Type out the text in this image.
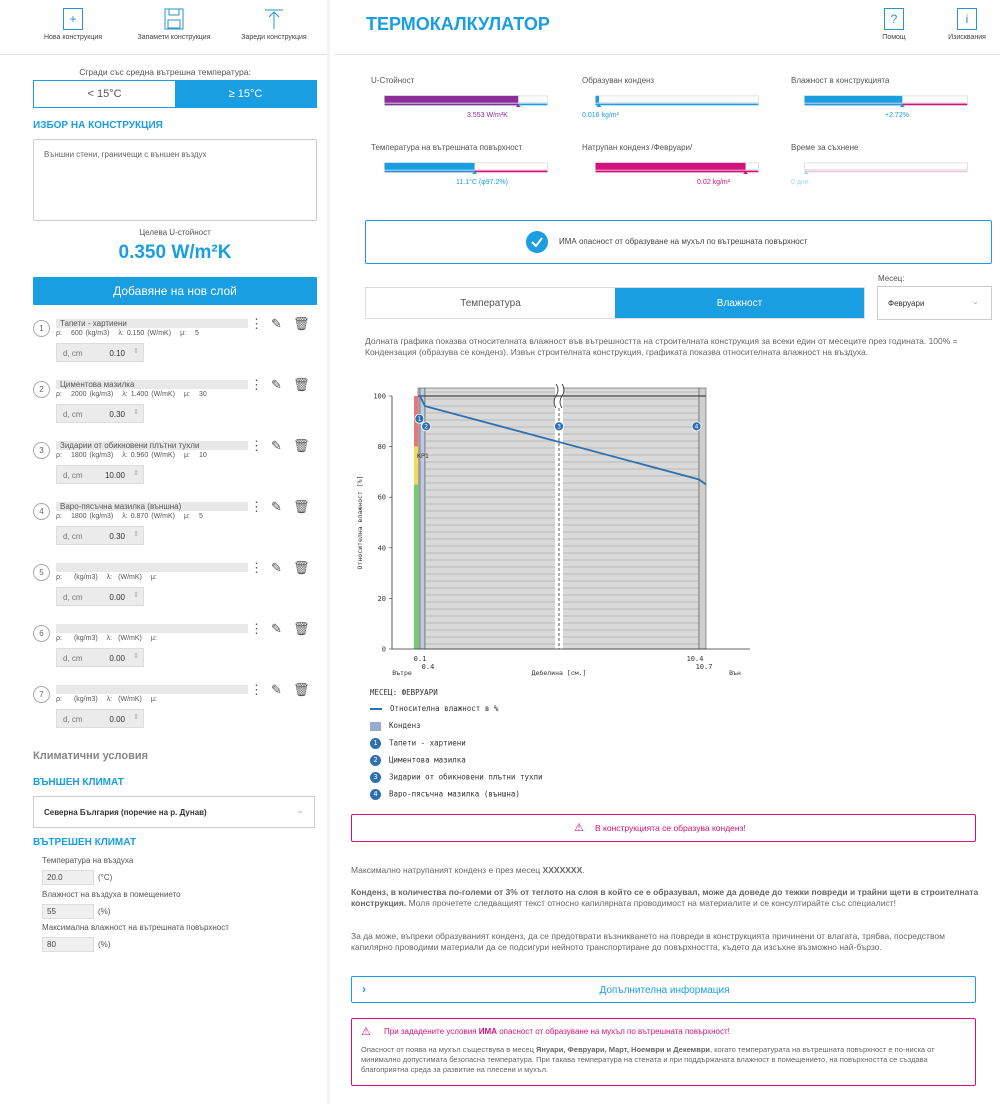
+
Нова конструкция	Запамети конструкция	Зареди конструкция
Сгради със средна вътрешна температура:
< 15°C	≥ 15°C
ИЗБОР НА КОНСТРУКЦИЯ
Външни стени, граничещи с външен въздух
Целева U-стойност
0.350 W/m²K
Добавяне на нов слой
1
Тапети - хартиени
ρ: 600 (kg/m3) λ: 0.150 (W/mK) μ: 5
d, cm	0.10 ⇕
⋮ ✎ 🗑
2
Циментова мазилка
ρ: 2000 (kg/m3) λ: 1.400 (W/mK) μ: 30
d, cm	0.30 ⇕
⋮ ✎ 🗑
3
Зидарии от обикновени плътни тухли
ρ: 1800 (kg/m3) λ: 0.960 (W/mK) μ: 10
d, cm	10.00 ⇕
⋮ ✎ 🗑
4
Варо-пясъчна мазилка (външна)
ρ: 1800 (kg/m3) λ: 0.870 (W/mK) μ: 5
d, cm	0.30 ⇕
⋮ ✎ 🗑
5
ρ: (kg/m3) λ: (W/mK) μ:
d, cm	0.00 ⇕
⋮ ✎ 🗑
6
ρ: (kg/m3) λ: (W/mK) μ:
d, cm	0.00 ⇕
⋮ ✎ 🗑
7
ρ: (kg/m3) λ: (W/mK) μ:
d, cm	0.00 ⇕
⋮ ✎ 🗑
Климатични условия
ВЪНШЕН КЛИМАТ
Северна България (поречие на р. Дунав)	⌄
ВЪТРЕШЕН КЛИМАТ
Температура на въздуха
20.0	(°C)
Влажност на въздуха в помещението
55	(%)
Максимална влажност на вътрешната повърхност
80	(%)
ТЕРМОКАЛКУЛАТОР	?
Помощ
i
Изисквания
U-Стойност
3.553 W/m²K
Образуван конденз
0.016 kg/m²
Влажност в конструкцията
+2.72%
Температура на вътрешната повърхност
11.1°C (φ97.2%)
Натрупан конденз /Февруари/
0.02 kg/m²
Време за съхнене
0 дни
ИМА опасност от образуване на мухъл по вътрешната повърхност
Месец:
Февруари	⌄
Температура	Влажност
Долната графика показва относителната влажност във вътрешността на строителната конструкция за всеки един от месеците през годината. 100% = Кондензация (образува се конденз). Извън строителната конструкция, графиката показва относителната влажност на въздуха.
0
20
40
60
80
100
0.1
0.4
10.4
10.7
Вътре	Вън
Дебелина [см.]
Относителна влажност [%]
КР1
1
2	3	4
МЕСЕЦ: ФЕВРУАРИ
Относителна влажност в %
Конденз
1 Тапети - хартиени
2 Циментова мазилка
3 Зидарии от обикновени плътни тухли
4 Варо-пясъчна мазилка (външна)
⚠ В конструкцията се образува конденз!
Максимално натрупаният конденз е през месец XXXXXXX.
Конденз, в количества по-големи от 3% от теглото на слоя в който се е образувал, може да доведе до тежки повреди и трайни щети в строителната конструкция. Моля прочетете следващият текст относно капилярната проводимост на материалите и се консултирайте със специалист!
За да може, въпреки образуваният конденз, да се предотврати възникването на повреди в конструкцията причинени от влагата, трябва, посредством капилярно проводими материали да се подсигури нейното транспортиране до повърхността, където да изсъхне възможно най-бързо.
›	Допълнителна информация
⚠ При зададените условия ИМА опасност от образуване на мухъл по вътрешната повърхност!
Опасност от поява на мухъл съществува в месец Януари, Февруари, Март, Ноември и Декември, когато температурата на вътрешната повърхност е по-ниска от минимално допустимата безопасна температура. При такава температура на стената и при поддържаната влажност в помещението, на повърхността се създава благоприятна среда за развитие на плесени и мухъл.
